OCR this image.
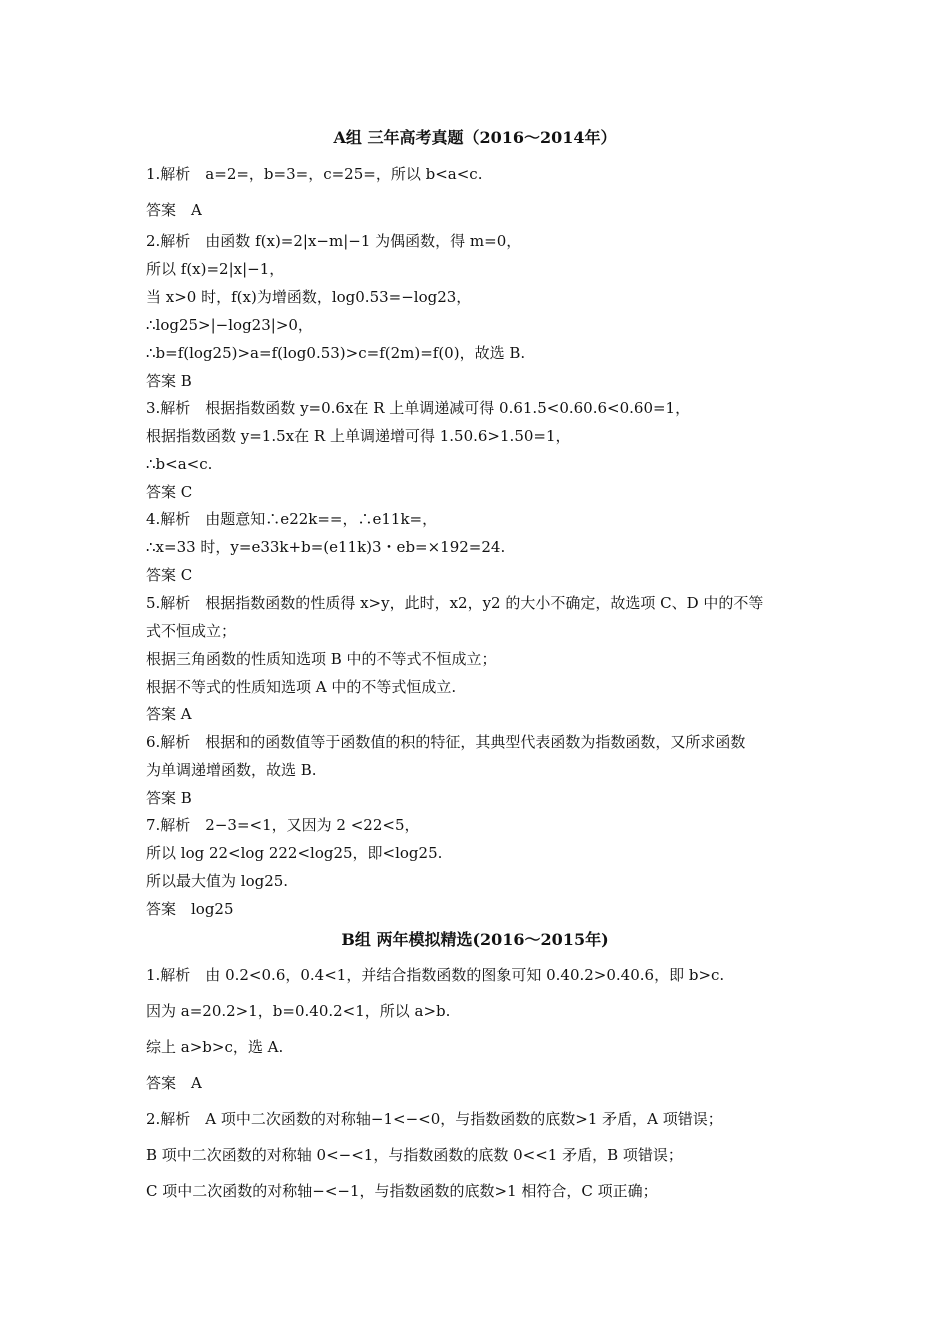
A组 三年高考真题（2016～2014年）
1.解析　a=2=，b=3=，c=25=，所以 b<a<c.
答案　A
2.解析　由函数 f(x)=2|x−m|−1 为偶函数，得 m=0，
所以 f(x)=2|x|−1，
当 x>0 时，f(x)为增函数，log0.53=−log23，
∴log25>|−log23|>0，
∴b=f(log25)>a=f(log0.53)>c=f(2m)=f(0)，故选 B.
答案 B
3.解析　根据指数函数 y=0.6x在 R 上单调递减可得 0.61.5<0.60.6<0.60=1，
根据指数函数 y=1.5x在 R 上单调递增可得 1.50.6>1.50=1，
∴b<a<c.
答案 C
4.解析　由题意知∴e22k==，∴e11k=，
∴x=33 时，y=e33k+b=(e11k)3・eb=×192=24.
答案 C
5.解析　根据指数函数的性质得 x>y，此时，x2，y2 的大小不确定，故选项 C、D 中的不等
式不恒成立；
根据三角函数的性质知选项 B 中的不等式不恒成立；
根据不等式的性质知选项 A 中的不等式恒成立.
答案 A
6.解析　根据和的函数值等于函数值的积的特征，其典型代表函数为指数函数，又所求函数
为单调递增函数，故选 B.
答案 B
7.解析　2−3=<1，又因为 2 <22<5，
所以 log 22<log 222<log25，即<log25.
所以最大值为 log25.
答案　log25
B组 两年模拟精选(2016～2015年)
1.解析　由 0.2<0.6，0.4<1，并结合指数函数的图象可知 0.40.2>0.40.6，即 b>c.
因为 a=20.2>1，b=0.40.2<1，所以 a>b.
综上 a>b>c，选 A.
答案　A
2.解析　A 项中二次函数的对称轴−1<−<0，与指数函数的底数>1 矛盾，A 项错误；
B 项中二次函数的对称轴 0<−<1，与指数函数的底数 0<<1 矛盾，B 项错误；
C 项中二次函数的对称轴−<−1，与指数函数的底数>1 相符合，C 项正确；
